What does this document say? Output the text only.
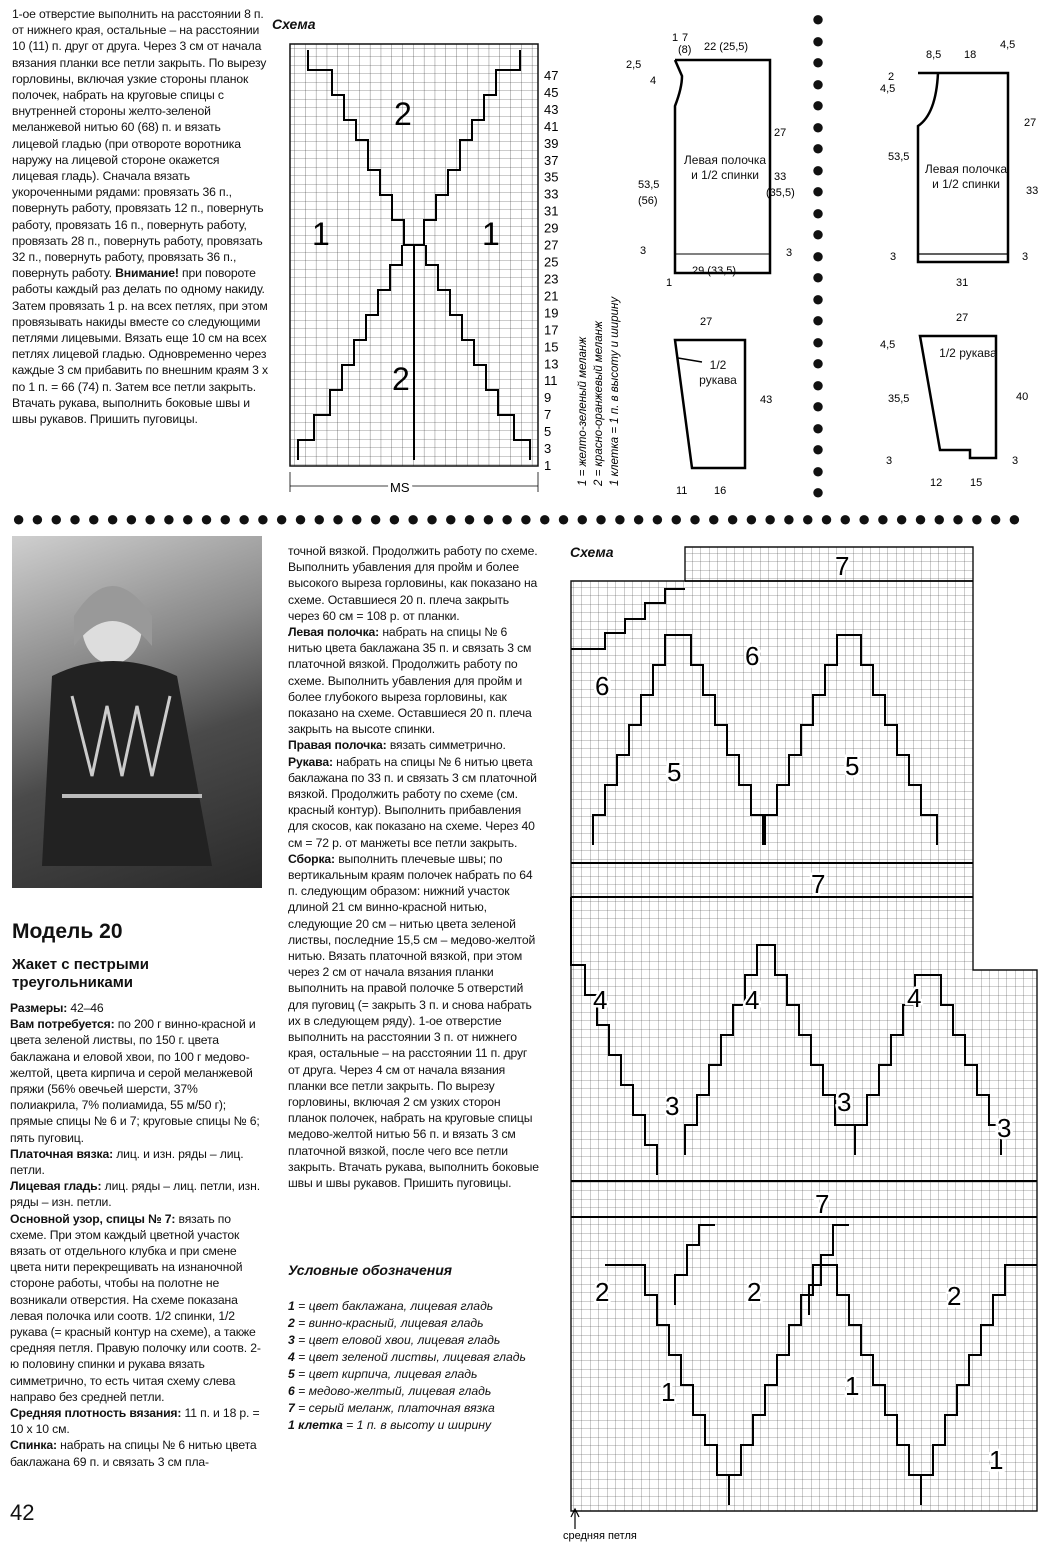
1-ое отверстие выполнить на расстоянии 8 п. от нижнего края, остальные – на расстоянии 10 (11) п. друг от друга. Через 3 см от начала вязания планки все петли закрыть. По вырезу горловины, включая узкие стороны планок полочек, набрать на круговые спицы с внутренней стороны желто-зеленой меланжевой нитью 60 (68) п. и вязать лицевой гладью (при отвороте воротника наружу на лицевой стороне окажется лицевая гладь). Сначала вязать укороченными рядами: провязать 36 п., повернуть работу, провязать 12 п., повернуть работу, провязать 16 п., повернуть работу, провязать 28 п., повернуть работу, провязать 32 п., повернуть работу, провязать 36 п., повернуть работу. Внимание! при повороте работы каждый раз делать по одному накиду. Затем провязать 1 р. на всех петлях, при этом провязывать накиды вместе со следующими петлями лицевыми. Вязать еще 10 см на всех петлях лицевой гладью. Одновременно через каждые 3 см прибавить по внешним краям 3 х по 1 п. = 66 (74) п. Затем все петли закрыть. Втачать рукава, выполнить боковые швы и швы рукавов. Пришить пуговицы.

Схема
2
1	1
2
MS
47
45
43
41
39
37
35
33
31
29
27
25
23
21
19
17
15
13
11
9
7
5
3
1 1 = желто-зеленый меланж 2 = красно-оранжевый меланж 1 клетка = 1 п. в высоту и ширину
1 7
(8) 22 (25,5)
2,5
4
27
53,5
(56)
33
(35,5)
3	3
29 (33,5)
1
27
43
11 16
Левая полочка и 1/2 спинки
1/2 рукава
8,5 18
4,5
2
4,5
27
53,5
33
3	3
31
27
4,5
35,5	40
3	3
12	15
Левая полочка и 1/2 спинки
1/2 рукава
●
●
●
●
●
●
●
●
●
●
●
●
●
●
●
●
●
●
●
●
●
●
●
●●●●●●●●●●●●●●●●●●●●●●●●●●●●●●●●●●●●●●●●●●●●●●●●●●●●●●
Модель 20
Жакет с пестрыми треугольниками

Размеры: 42–46

Вам потребуется: по 200 г винно-красной и цвета зеленой листвы, по 150 г. цвета баклажана и еловой хвои, по 100 г медово-желтой, цвета кирпича и серой меланжевой пряжи (56% овечьей шерсти, 37% полиакрила, 7% полиамида, 55 м/50 г); прямые спицы № 6 и 7; круговые спицы № 6; пять пуговиц.

Платочная вязка: лиц. и изн. ряды – лиц. петли.

Лицевая гладь: лиц. ряды – лиц. петли, изн. ряды – изн. петли.

Основной узор, спицы № 7: вязать по схеме. При этом каждый цветной участок вязать от отдельного клубка и при смене цвета нити перекрещивать на изнаночной стороне работы, чтобы на полотне не возникали отверстия. На схеме показана левая полочка или соотв. 1/2 спинки, 1/2 рукава (= красный контур на схеме), а также средняя петля. Правую полочку или соотв. 2-ю половину спинки и рукава вязать симметрично, то есть читая схему слева направо без средней петли.

Средняя плотность вязания: 11 п. и 18 р. = 10 х 10 см.

Спинка: набрать на спицы № 6 нитью цвета баклажана 69 п. и связать 3 см пла-

точной вязкой. Продолжить работу по схеме. Выполнить убавления для пройм и более высокого выреза горловины, как показано на схеме. Оставшиеся 20 п. плеча закрыть через 60 см = 108 р. от планки.

Левая полочка: набрать на спицы № 6 нитью цвета баклажана 35 п. и связать 3 см платочной вязкой. Продолжить работу по схеме. Выполнить убавления для пройм и более глубокого выреза горловины, как показано на схеме. Оставшиеся 20 п. плеча закрыть на высоте спинки.

Правая полочка: вязать симметрично.

Рукава: набрать на спицы № 6 нитью цвета баклажана по 33 п. и связать 3 см платочной вязкой. Продолжить работу по схеме (см. красный контур). Выполнить прибавления для скосов, как показано на схеме. Через 40 см = 72 р. от манжеты все петли закрыть.

Сборка: выполнить плечевые швы; по вертикальным краям полочек набрать по 64 п. следующим образом: нижний участок длиной 21 см винно-красной нитью, следующие 20 см – нитью цвета зеленой листвы, последние 15,5 см – медово-желтой нитью. Вязать платочной вязкой, при этом через 2 см от начала вязания планки выполнить на правой полочке 5 отверстий для пуговиц (= закрыть 3 п. и снова набрать их в следующем ряду). 1-ое отверстие выполнить на расстоянии 3 п. от нижнего края, остальные – на расстоянии 11 п. друг от друга. Через 4 см от начала вязания планки все петли закрыть. По вырезу горловины, включая 2 см узких сторон планок полочек, набрать на круговые спицы медово-желтой нитью 56 п. и вязать 3 см платочной вязкой, после чего все петли закрыть. Втачать рукава, выполнить боковые швы и швы рукавов. Пришить пуговицы.

Условные обозначения
1 = цвет баклажана, лицевая гладь
2 = винно-красный, лицевая гладь
3 = цвет еловой хвои, лицевая гладь
4 = цвет зеленой листвы, лицевая гладь
5 = цвет кирпича, лицевая гладь
6 = медово-желтый, лицевая гладь
7 = серый меланж, платочная вязка
1 клетка = 1 п. в высоту и ширину
Схема	7
6
6
5	5
7
4	4	4
3	3
3
7
2	2	2
1	1
1
средняя петля
42
